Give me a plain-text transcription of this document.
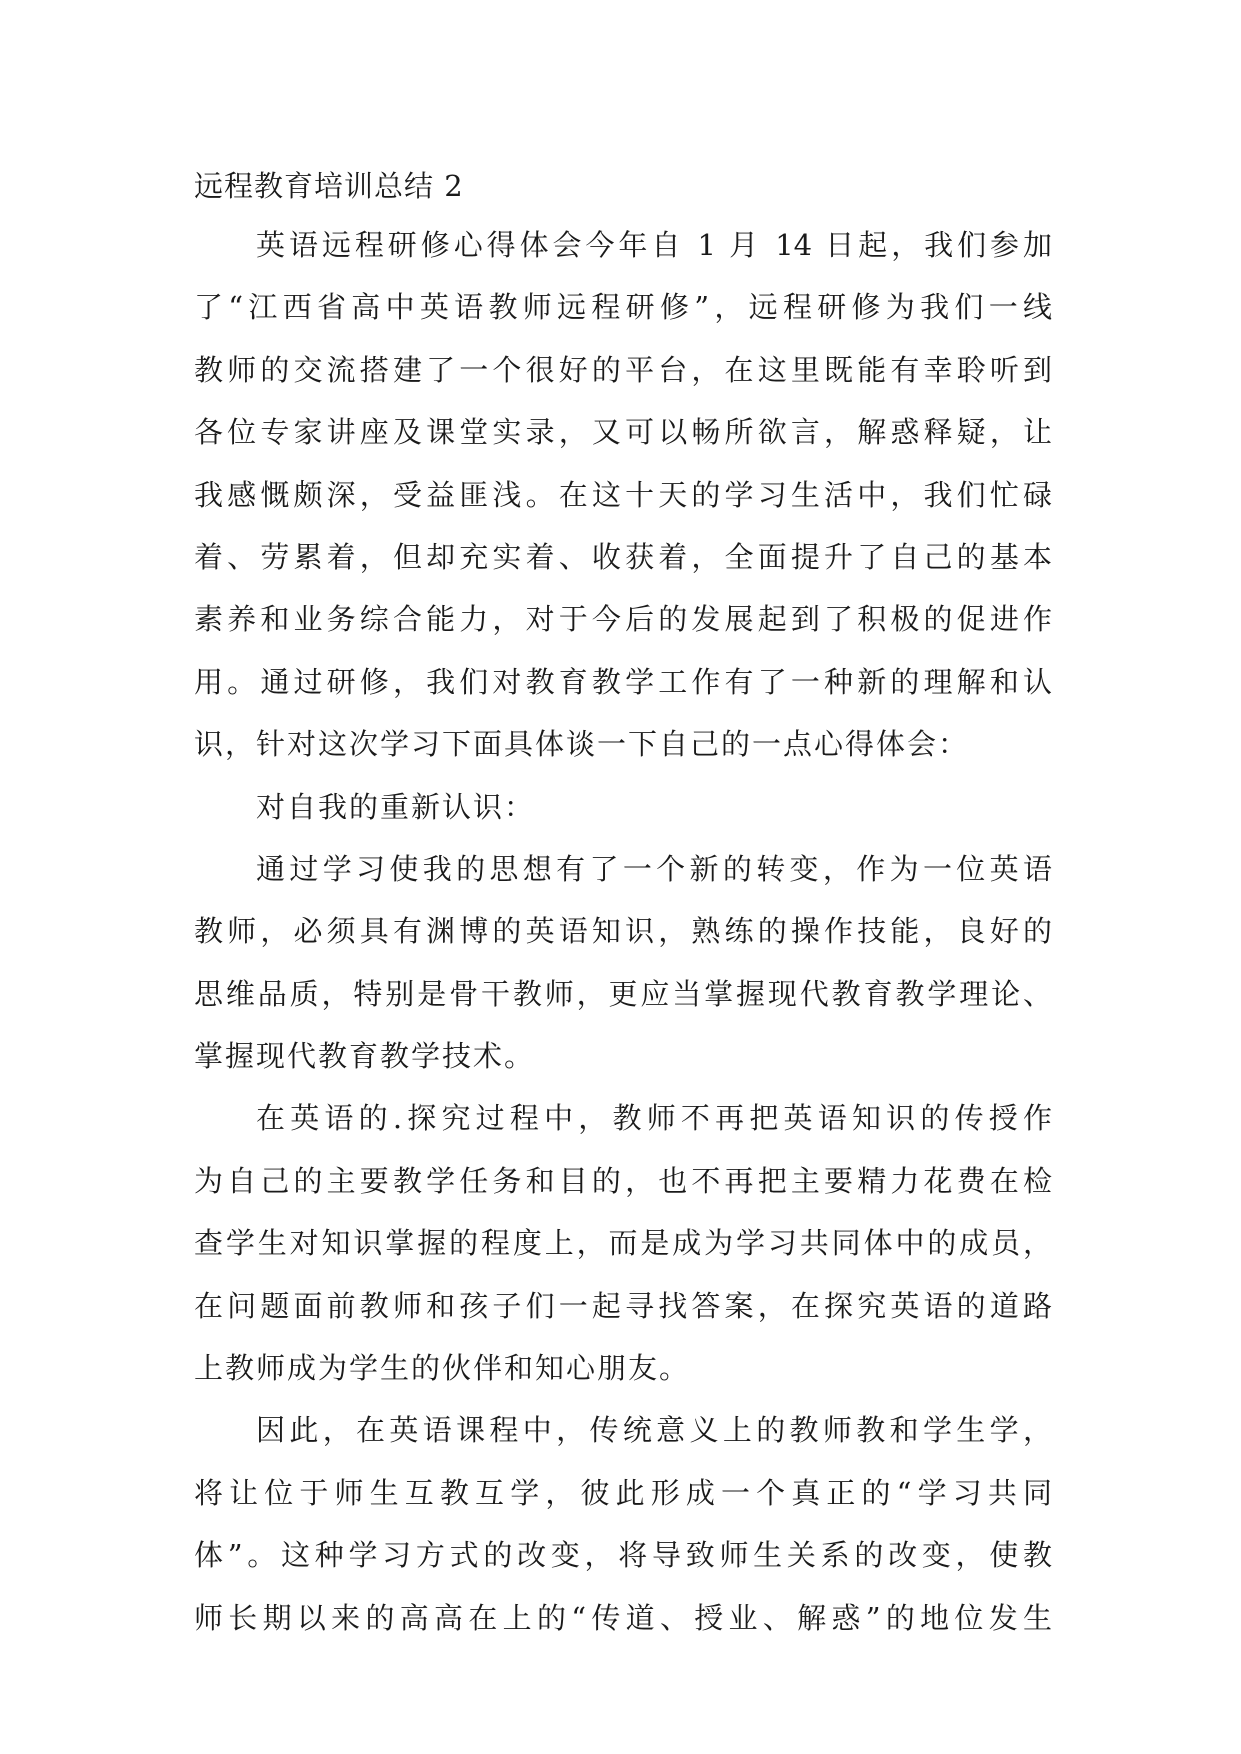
远程教育培训总结 2
英语远程研修心得体会今年自 1 月 14 日起，我们参加
了“江西省高中英语教师远程研修”，远程研修为我们一线
教师的交流搭建了一个很好的平台，在这里既能有幸聆听到
各位专家讲座及课堂实录，又可以畅所欲言，解惑释疑，让
我感慨颇深，受益匪浅。在这十天的学习生活中，我们忙碌
着、劳累着，但却充实着、收获着，全面提升了自己的基本
素养和业务综合能力，对于今后的发展起到了积极的促进作
用。通过研修，我们对教育教学工作有了一种新的理解和认
识，针对这次学习下面具体谈一下自己的一点心得体会：
对自我的重新认识：
通过学习使我的思想有了一个新的转变，作为一位英语
教师，必须具有渊博的英语知识，熟练的操作技能，良好的
思维品质，特别是骨干教师，更应当掌握现代教育教学理论、
掌握现代教育教学技术。
在英语的.探究过程中，教师不再把英语知识的传授作
为自己的主要教学任务和目的，也不再把主要精力花费在检
查学生对知识掌握的程度上，而是成为学习共同体中的成员，
在问题面前教师和孩子们一起寻找答案，在探究英语的道路
上教师成为学生的伙伴和知心朋友。
因此，在英语课程中，传统意义上的教师教和学生学，
将让位于师生互教互学，彼此形成一个真正的“学习共同
体”。这种学习方式的改变，将导致师生关系的改变，使教
师长期以来的高高在上的“传道、授业、解惑”的地位发生
